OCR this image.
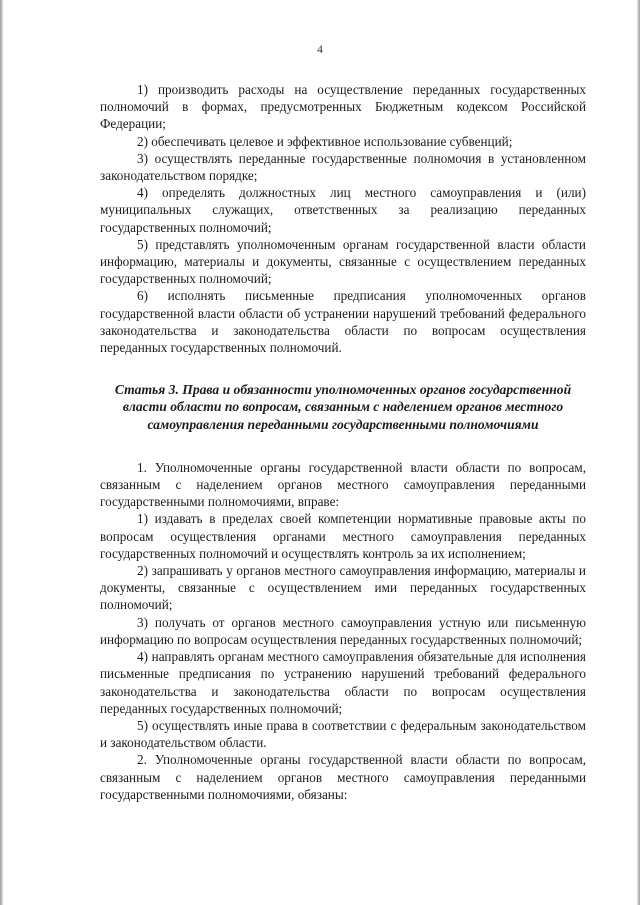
4

1) производить расходы на осуществление переданных государственных полномочий в формах, предусмотренных Бюджетным кодексом Российской Федерации;

2) обеспечивать целевое и эффективное использование субвенций;

3) осуществлять переданные государственные полномочия в установленном законодательством порядке;

4) определять должностных лиц местного самоуправления и (или) муниципальных служащих, ответственных за реализацию переданных государственных полномочий;

5) представлять уполномоченным органам государственной власти области информацию, материалы и документы, связанные с осуществлением переданных государственных полномочий;

6) исполнять письменные предписания уполномоченных органов государственной власти области об устранении нарушений требований федерального законодательства и законодательства области по вопросам осуществления переданных государственных полномочий.

Статья 3. Права и обязанности уполномоченных органов государственной власти области по вопросам, связанным с наделением органов местного самоуправления переданными государственными полномочиями

1. Уполномоченные органы государственной власти области по вопросам, связанным с наделением органов местного самоуправления переданными государственными полномочиями, вправе:

1) издавать в пределах своей компетенции нормативные правовые акты по вопросам осуществления органами местного самоуправления переданных государственных полномочий и осуществлять контроль за их исполнением;

2) запрашивать у органов местного самоуправления информацию, материалы и документы, связанные с осуществлением ими переданных государственных полномочий;

3) получать от органов местного самоуправления устную или письменную информацию по вопросам осуществления переданных государственных полномочий;

4) направлять органам местного самоуправления обязательные для исполнения письменные предписания по устранению нарушений требований федерального законодательства и законодательства области по вопросам осуществления переданных государственных полномочий;

5) осуществлять иные права в соответствии с федеральным законодательством и законодательством области.

2. Уполномоченные органы государственной власти области по вопросам, связанным с наделением органов местного самоуправления переданными государственными полномочиями, обязаны:
